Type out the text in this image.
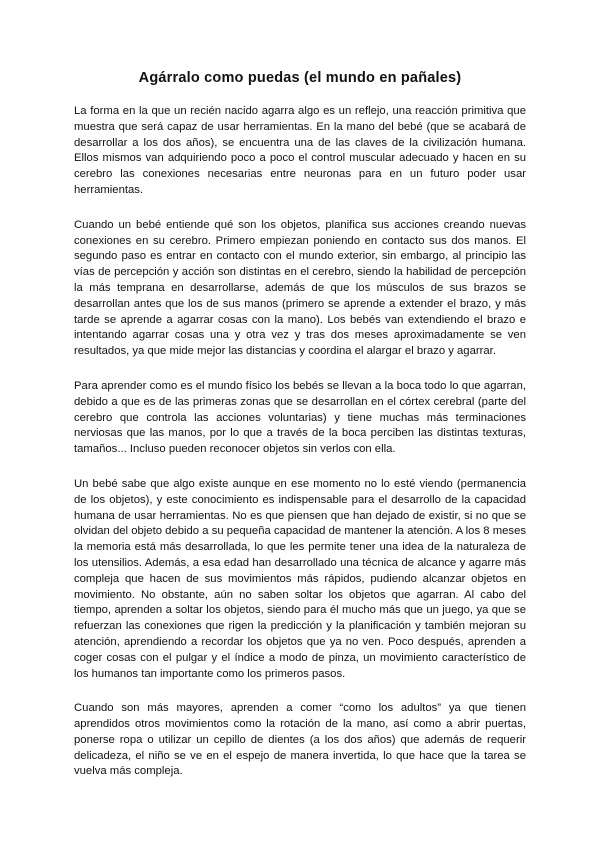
Agárralo como puedas (el mundo en pañales)

La forma en la que un recién nacido agarra algo es un reflejo, una reacción primitiva que muestra que será capaz de usar herramientas. En la mano del bebé (que se acabará de desarrollar a los dos años), se encuentra una de las claves de la civilización humana. Ellos mismos van adquiriendo poco a poco el control muscular adecuado y hacen en su cerebro las conexiones necesarias entre neuronas para en un futuro poder usar herramientas.

Cuando un bebé entiende qué son los objetos, planifica sus acciones creando nuevas conexiones en su cerebro. Primero empiezan poniendo en contacto sus dos manos. El segundo paso es entrar en contacto con el mundo exterior, sin embargo, al principio las vías de percepción y acción son distintas en el cerebro, siendo la habilidad de percepción la más temprana en desarrollarse, además de que los músculos de sus brazos se desarrollan antes que los de sus manos (primero se aprende a extender el brazo, y más tarde se aprende a agarrar cosas con la mano). Los bebés van extendiendo el brazo e intentando agarrar cosas una y otra vez y tras dos meses aproximadamente se ven resultados, ya que mide mejor las distancias y coordina el alargar el brazo y agarrar.

Para aprender como es el mundo físico los bebés se llevan a la boca todo lo que agarran, debido a que es de las primeras zonas que se desarrollan en el córtex cerebral (parte del cerebro que controla las acciones voluntarias) y tiene muchas más terminaciones nerviosas que las manos, por lo que a través de la boca perciben las distintas texturas, tamaños... Incluso pueden reconocer objetos sin verlos con ella.

Un bebé sabe que algo existe aunque en ese momento no lo esté viendo (permanencia de los objetos), y este conocimiento es indispensable para el desarrollo de la capacidad humana de usar herramientas. No es que piensen que han dejado de existir, si no que se olvidan del objeto debido a su pequeña capacidad de mantener la atención. A los 8 meses la memoria está más desarrollada, lo que les permite tener una idea de la naturaleza de los utensilios. Además, a esa edad han desarrollado una técnica de alcance y agarre más compleja que hacen de sus movimientos más rápidos, pudiendo alcanzar objetos en movimiento. No obstante, aún no saben soltar los objetos que agarran. Al cabo del tiempo, aprenden a soltar los objetos, siendo para él mucho más que un juego, ya que se refuerzan las conexiones que rigen la predicción y la planificación y también mejoran su atención, aprendiendo a recordar los objetos que ya no ven. Poco después, aprenden a coger cosas con el pulgar y el índice a modo de pinza, un movimiento característico de los humanos tan importante como los primeros pasos.

Cuando son más mayores, aprenden a comer “como los adultos” ya que tienen aprendidos otros movimientos como la rotación de la mano, así como a abrir puertas, ponerse ropa o utilizar un cepillo de dientes (a los dos años) que además de requerir delicadeza, el niño se ve en el espejo de manera invertida, lo que hace que la tarea se vuelva más compleja.
